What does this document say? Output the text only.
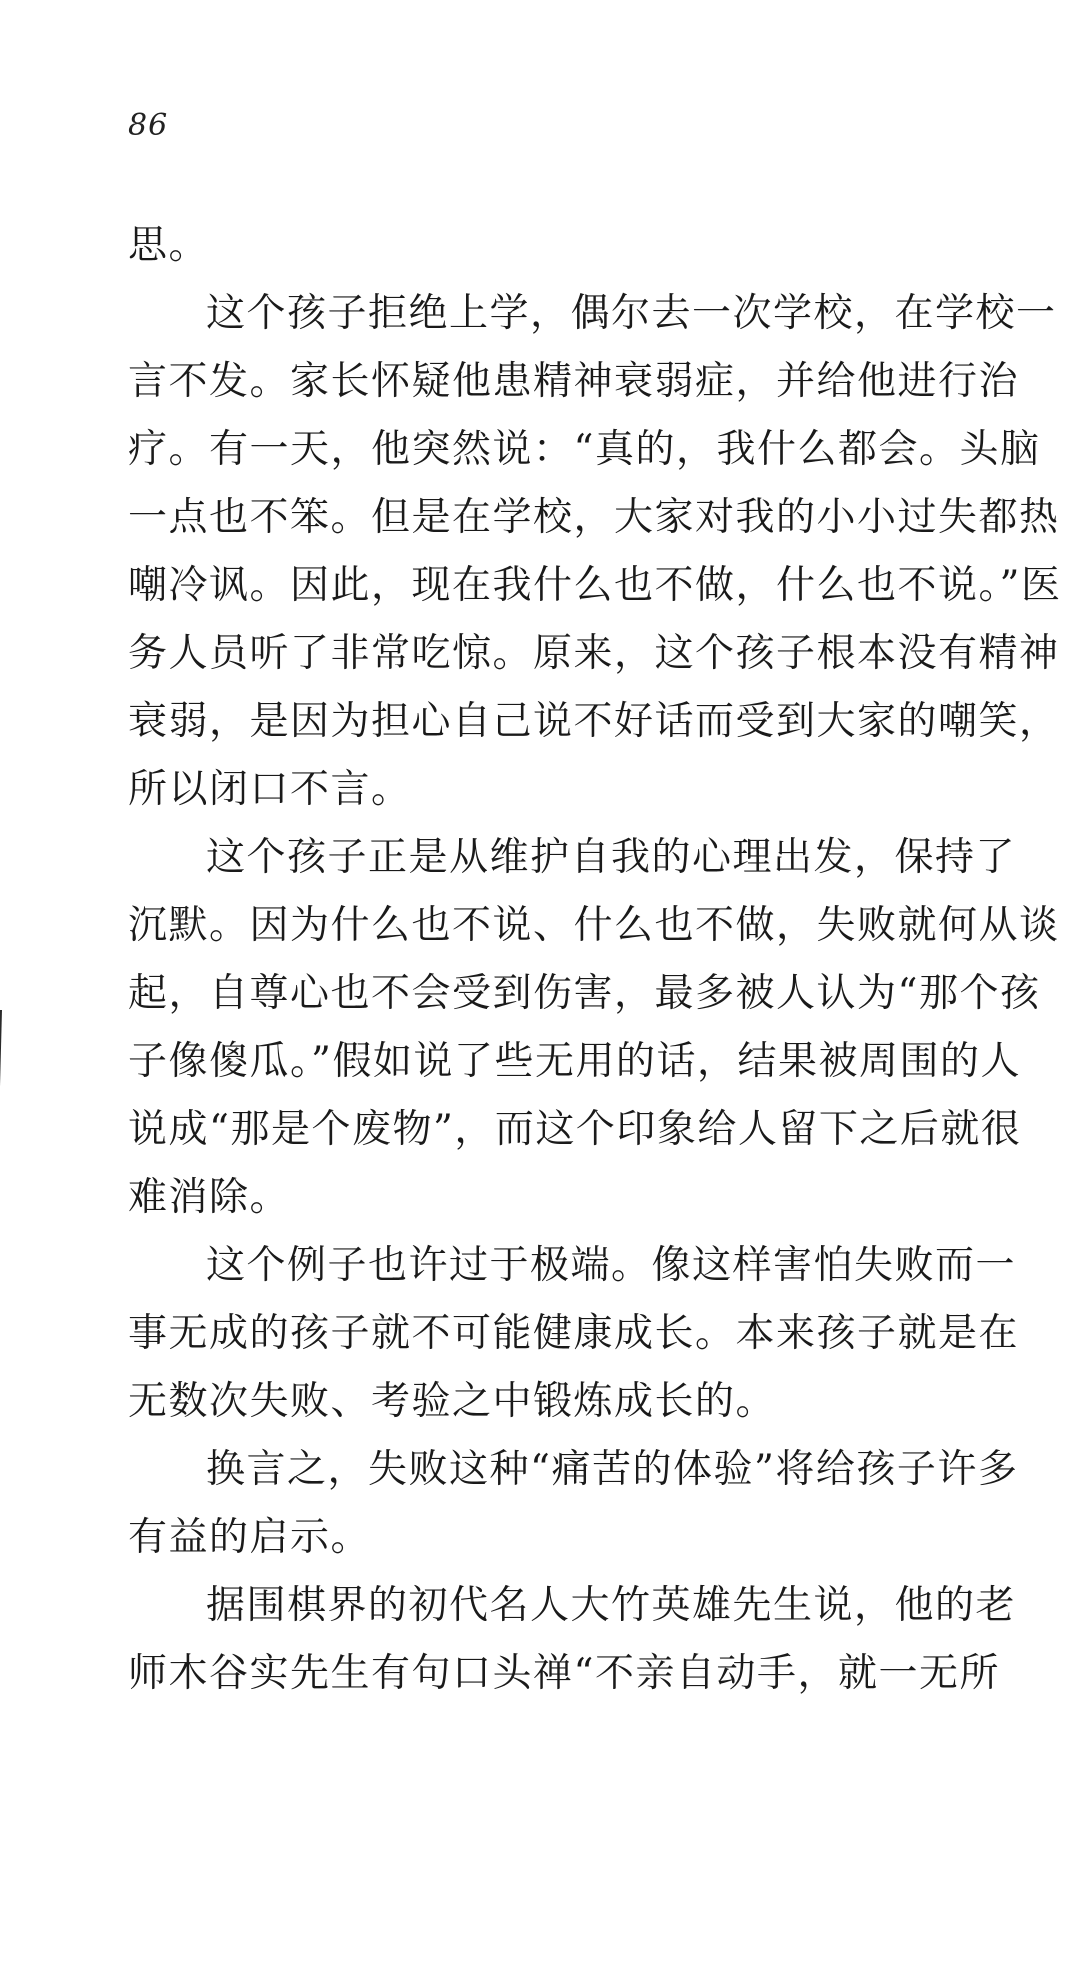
86
思。
这个孩子拒绝上学，偶尔去一次学校，在学校一
言不发。家长怀疑他患精神衰弱症，并给他进行治
疗。有一天，他突然说：“真的，我什么都会。头脑
一点也不笨。但是在学校，大家对我的小小过失都热
嘲冷讽。因此，现在我什么也不做，什么也不说。”医
务人员听了非常吃惊。原来，这个孩子根本没有精神
衰弱，是因为担心自己说不好话而受到大家的嘲笑，
所以闭口不言。
这个孩子正是从维护自我的心理出发，保持了
沉默。因为什么也不说、什么也不做，失败就何从谈
起，自尊心也不会受到伤害，最多被人认为“那个孩
子像傻瓜。”假如说了些无用的话，结果被周围的人
说成“那是个废物”，而这个印象给人留下之后就很
难消除。
这个例子也许过于极端。像这样害怕失败而一
事无成的孩子就不可能健康成长。本来孩子就是在
无数次失败、考验之中锻炼成长的。
换言之，失败这种“痛苦的体验”将给孩子许多
有益的启示。
据围棋界的初代名人大竹英雄先生说，他的老
师木谷实先生有句口头禅“不亲自动手，就一无所
